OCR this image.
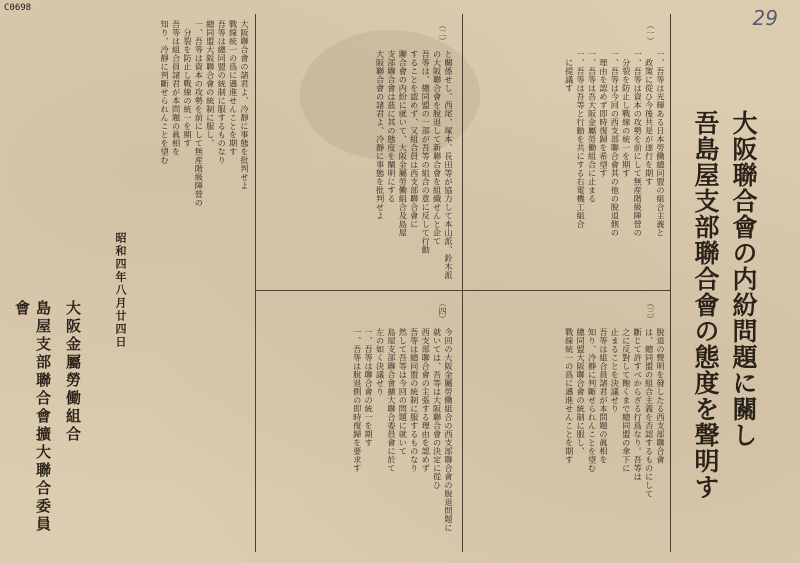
C0698	29
大阪聯合會の内紛問題に關し
吾島屋支部聯合會の態度を聲明す
（一）
（二）
（三）
（四）
一、吾等は光輝ある日本勞働總同盟の組合主義と
　政策に從ひ今後共是が遂行を期す
一、吾等は資本の攻勢を前にして無産階級陣營の
　分裂を防止し戰線の統一を期す
一、吾等は今回の西支部聯合會其の他の脫退側の
　理由を認めず即時復歸を希望す
一、吾等は吾大阪金屬勞働組合に止まる
一、吾等は吾等と行動を共にする右電機工組合
　に提議す
と關係せし、西尾、塚本、長田等が協力して本山派、鈴木派
の大阪聯合會を脫退して新聯合會を組織せんと企て
吾等は、總同盟の一部が吾等の組合の意に反して行動
することを認めず、又組合員は西支部聯合會に
聯合會の内紛に就いて、大阪金屬勞働組合及島屋
支部聯合會は茲に其の態度を闡明にする
大阪聯合會の諸君よ、冷靜に事態を批判せよ
脫退の聲明を發したる西支部聯合會
は、總同盟の組合主義を否認するものにして
斷じて許すべからざる行爲なり。吾等は
之に反對して飽くまで總同盟の傘下に
止まることを決議せり
吾等は組合員諸君が本問題の眞相を
知り、冷靜に判斷せられんことを望む
總同盟大阪聯合會の統制に服し、
戰線統一の爲に邁進せんことを期す
今回の大阪金屬勞働組合の西支部聯合會の脫退問題に
就いては、吾等は大阪聯合會の決定に從ひ
西支部聯合會の主張する理由を認めず
吾等は總同盟の統制に服するものなり
然して吾等は今回の問題に就いて
島屋支部聯合會擴大聯合委員會に於て
左の如く決議せり
一、吾等は聯合會の統一を期す
一、吾等は脫退側の即時復歸を要求す
大阪聯合會の諸君よ、冷靜に事態を批判せよ
戰線統一の爲に邁進せんことを期す
吾等は總同盟の統制に服するものなり
總同盟大阪聯合會の統制に服し、
一、吾等は資本の攻勢を前にして無産階級陣營の
　分裂を防止し戰線の統一を期す
吾等は組合員諸君が本問題の眞相を
知り、冷靜に判斷せられんことを望む
昭和四年八月廿四日
大阪金屬勞働組合
島屋支部聯合會擴大聯合委員會
